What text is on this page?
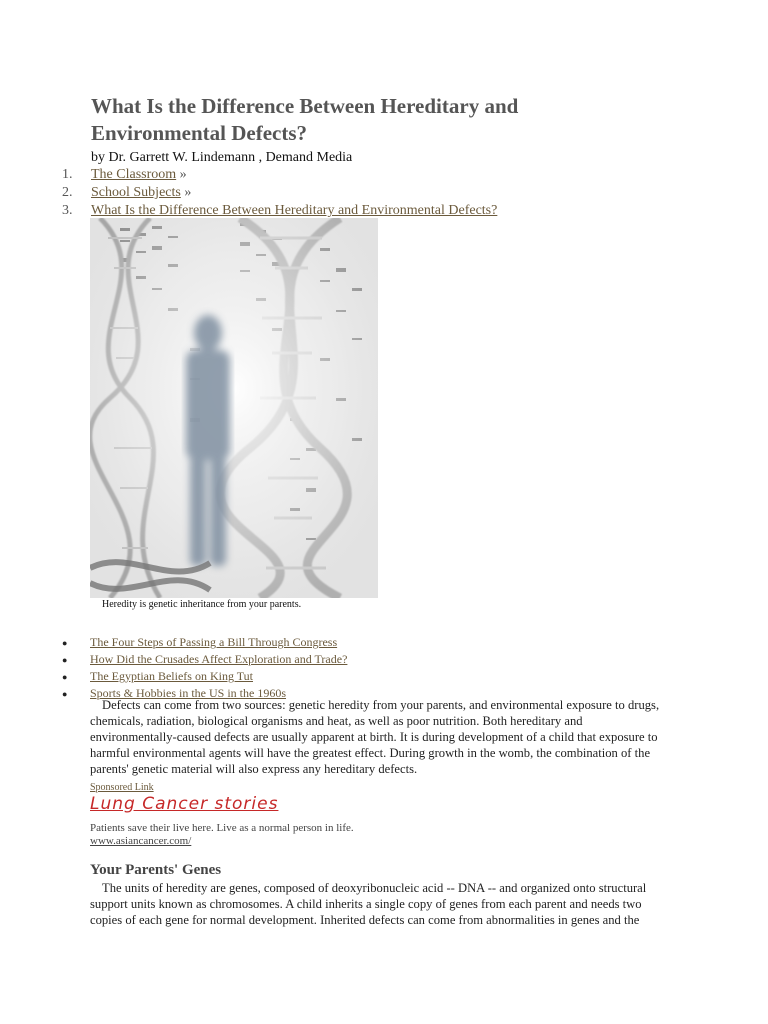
What Is the Difference Between Hereditary and Environmental Defects?
by Dr. Garrett W. Lindemann , Demand Media
1. The Classroom »
2. School Subjects »
3. What Is the Difference Between Hereditary and Environmental Defects?
Heredity is genetic inheritance from your parents.
● The Four Steps of Passing a Bill Through Congress
● How Did the Crusades Affect Exploration and Trade?
● The Egyptian Beliefs on King Tut
● Sports & Hobbies in the US in the 1960s

Defects can come from two sources: genetic heredity from your parents, and environmental exposure to drugs, chemicals, radiation, biological organisms and heat, as well as poor nutrition. Both hereditary and environmentally-caused defects are usually apparent at birth. It is during development of a child that exposure to harmful environmental agents will have the greatest effect. During growth in the womb, the combination of the parents' genetic material will also express any hereditary defects.

Sponsored Link
Lung Cancer stories
Patients save their live here. Live as a normal person in life.
www.asiancancer.com/
Your Parents' Genes

The units of heredity are genes, composed of deoxyribonucleic acid -- DNA -- and organized onto structural support units known as chromosomes. A child inherits a single copy of genes from each parent and needs two copies of each gene for normal development. Inherited defects can come from abnormalities in genes and the
